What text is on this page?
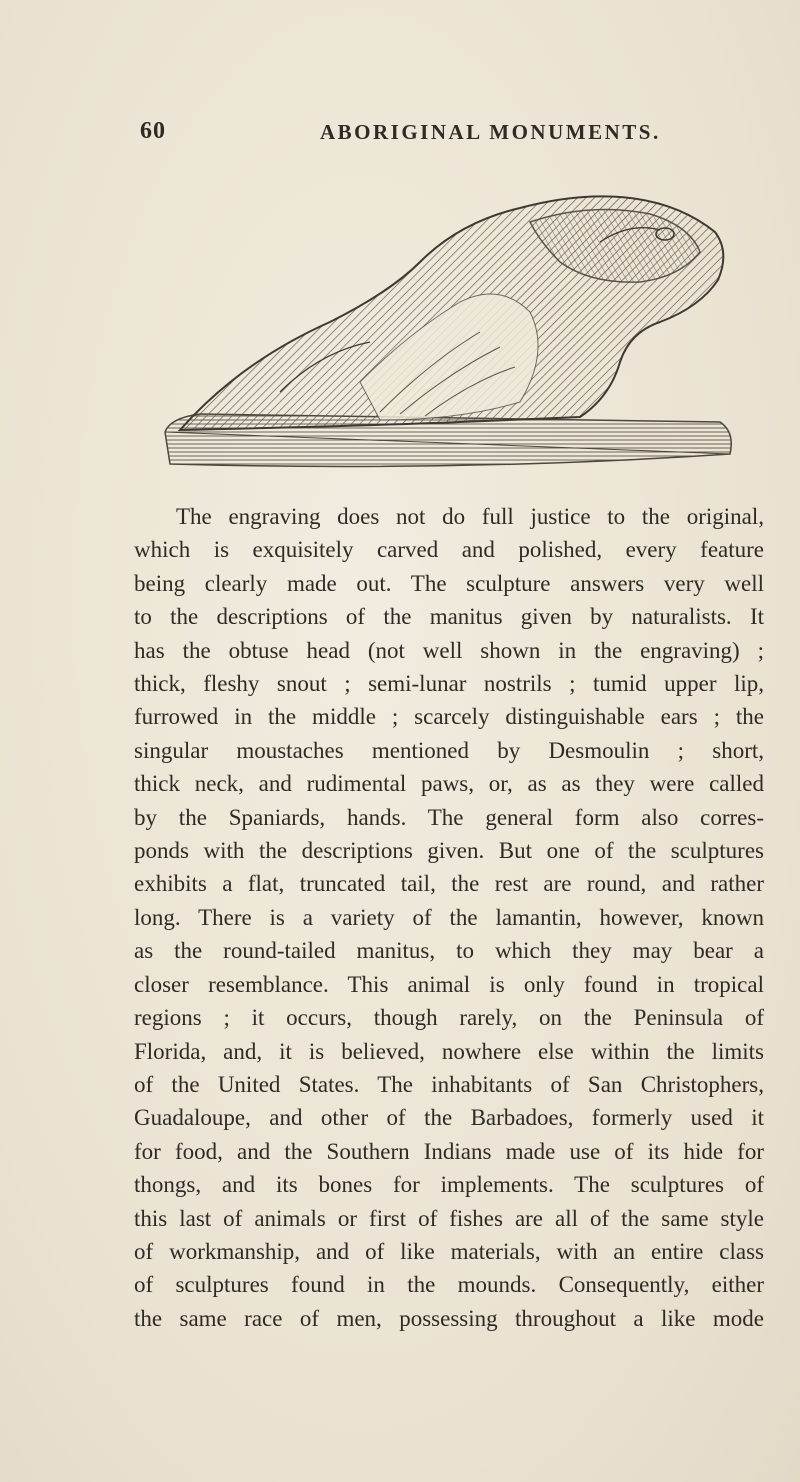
60	ABORIGINAL MONUMENTS.
The engraving does not do full justice to the original,
which is exquisitely carved and polished, every feature
being clearly made out. The sculpture answers very well
to the descriptions of the manitus given by naturalists. It
has the obtuse head (not well shown in the engraving) ;
thick, fleshy snout ; semi-lunar nostrils ; tumid upper lip,
furrowed in the middle ; scarcely distinguishable ears ; the
singular moustaches mentioned by Desmoulin ; short,
thick neck, and rudimental paws, or, as as they were called
by the Spaniards, hands. The general form also corres-
ponds with the descriptions given. But one of the sculptures
exhibits a flat, truncated tail, the rest are round, and rather
long. There is a variety of the lamantin, however, known
as the round-tailed manitus, to which they may bear a
closer resemblance. This animal is only found in tropical
regions ; it occurs, though rarely, on the Peninsula of
Florida, and, it is believed, nowhere else within the limits
of the United States. The inhabitants of San Christophers,
Guadaloupe, and other of the Barbadoes, formerly used it
for food, and the Southern Indians made use of its hide for
thongs, and its bones for implements. The sculptures of
this last of animals or first of fishes are all of the same style
of workmanship, and of like materials, with an entire class
of sculptures found in the mounds. Consequently, either
the same race of men, possessing throughout a like mode
